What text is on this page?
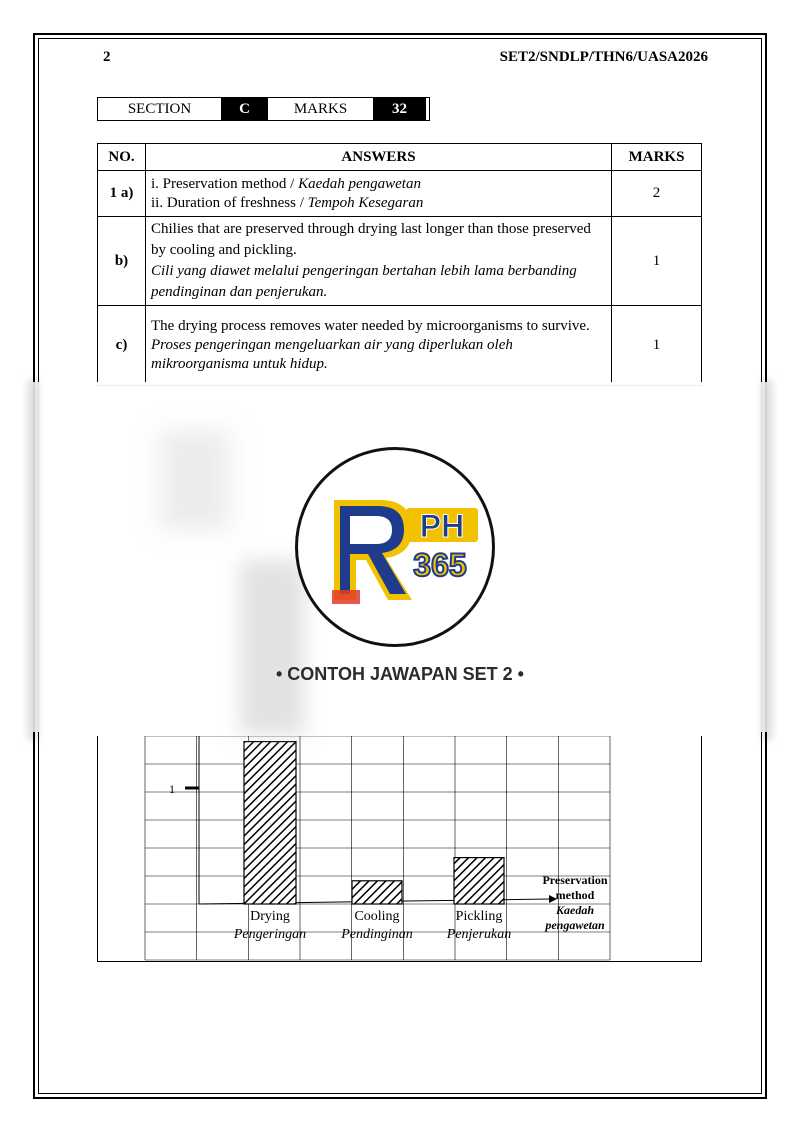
2	SET2/SNDLP/THN6/UASA2026
SECTION	C	MARKS	32
NO.	ANSWERS	MARKS
1 a)	i. Preservation method / Kaedah pengawetan
ii. Duration of freshness / Tempoh Kesegaran	2
b)	Chilies that are preserved through drying last longer than those preserved by cooling and pickling.
Cili yang diawet melalui pengeringan bertahan lebih lama berbanding pendinginan dan penjerukan.	1
c)	The drying process removes water needed by microorganisms to survive.
Proses pengeringan mengeluarkan air yang diperlukan oleh mikroorganisma untuk hidup.	1
1
Drying
Pengeringan
Cooling
Pendinginan
Pickling
Penjerukan
Preservation
method
Kaedah
pengawetan
PH
365
• CONTOH JAWAPAN SET 2 •
